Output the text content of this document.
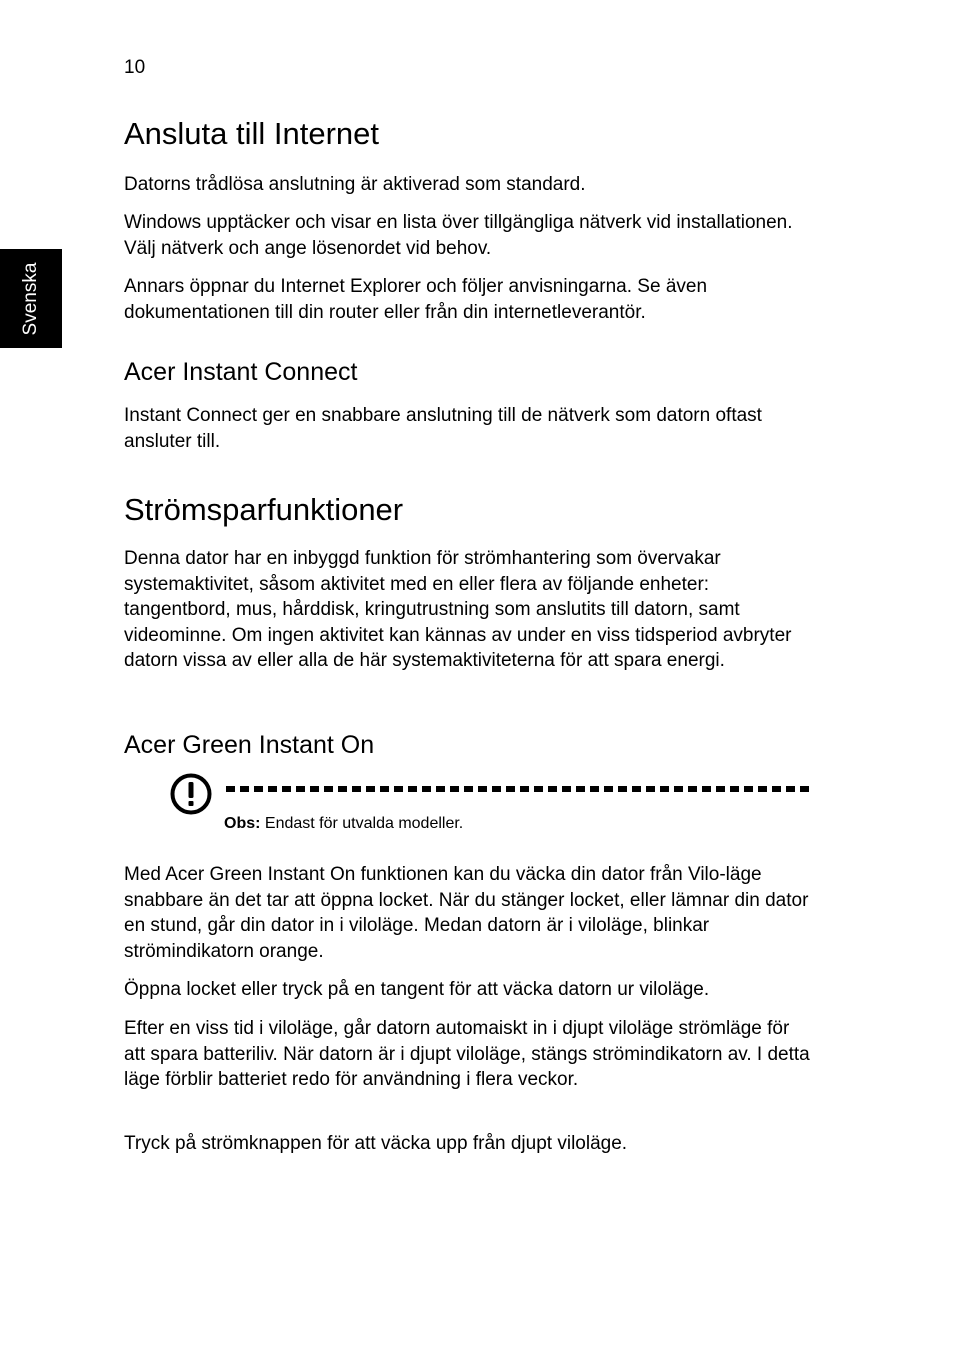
10
Svenska
Ansluta till Internet

Datorns trådlösa anslutning är aktiverad som standard.

Windows upptäcker och visar en lista över tillgängliga nätverk vid installationen. Välj nätverk och ange lösenordet vid behov.

Annars öppnar du Internet Explorer och följer anvisningarna. Se även dokumentationen till din router eller från din internetleverantör.

Acer Instant Connect

Instant Connect ger en snabbare anslutning till de nätverk som datorn oftast ansluter till.

Strömsparfunktioner

Denna dator har en inbyggd funktion för strömhantering som övervakar systemaktivitet, såsom aktivitet med en eller flera av följande enheter: tangentbord, mus, hårddisk, kringutrustning som anslutits till datorn, samt videominne. Om ingen aktivitet kan kännas av under en viss tidsperiod avbryter datorn vissa av eller alla de här systemaktiviteterna för att spara energi.

Acer Green Instant On

Med Acer Green Instant On funktionen kan du väcka din dator från Vilo-läge snabbare än det tar att öppna locket. När du stänger locket, eller lämnar din dator en stund, går din dator in i viloläge. Medan datorn är i viloläge, blinkar strömindikatorn orange.

Öppna locket eller tryck på en tangent för att väcka datorn ur viloläge.

Efter en viss tid i viloläge, går datorn automaiskt in i djupt viloläge strömläge för att spara batteriliv. När datorn är i djupt viloläge, stängs strömindikatorn av. I detta läge förblir batteriet redo för användning i flera veckor.

Tryck på strömknappen för att väcka upp från djupt viloläge.

Obs: Endast för utvalda modeller.
